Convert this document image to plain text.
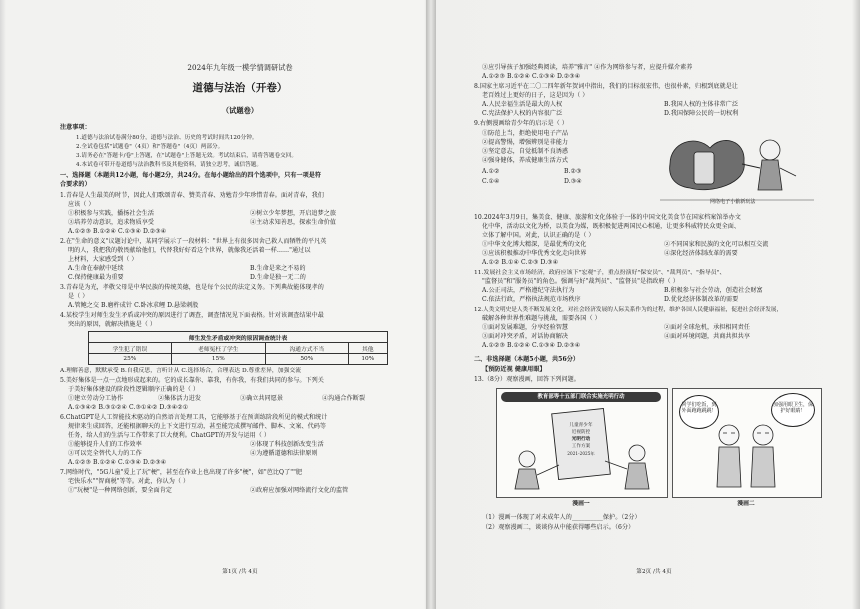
2024年九年级一模学情调研试卷
道德与法治（开卷）
（试题卷）
注意事项：
1.道德与法治试卷满分80分，道德与法治、历史的考试时间共120分钟。
2.全试卷包括"试题卷"（4页）和"答题卷"（4页）两部分。
3.请务必在"答题卡/卷"上答题，在"试题卷"上答题无效。考试结束后，请将答题卷交回。
4.本试卷可带开卷道德与法治教科书及其他资料，请独立思考，诚信答题。
一、选择题（本题共12小题，每小题2分，共24分。在每小题给出的四个选项中，只有一项是符
合要求的）
1.青春是人生最美的时节，因此人们歌颂青春、赞美青春、劝勉青少年珍惜青春。面对青春，我们
应该（ ）
①积极参与实践，播扬社会生活	②树立少年梦想，开启追梦之旅
③培养劳动意识，追求物质享受	④主动求知善思，探索生命价值
A.①②③ B.①②④ C.①③④ D.②③④
2.在"生命的意义"议题讨论中，某同学展示了一段材料："世界上有很多因舍己救人而牺牲的平凡英
明的人，我把我的敬畏献给他们，代替我好好看这个世界，就像我还活着一样……"通过以
上材料，大家感受到（ ）
A.生命在奉献中延续	B.生命是来之不易的
C.保持健康最为重要	D.生命是独一无二的
3.青春是为光，孝敬父母是中华民族的传统美德，也是每个公民的法定义务。下列典故能体现孝的
是（ ）
A.管鲍之交 B.磨杵成针 C.卧冰求鲤 D.悬梁刺股
4.某校学生对师生发生矛盾或冲突的原因进行了调查，调查情况见下面表格。针对该调查结果中最
突出的原因，就解决措施是（ ）
师生发生矛盾或冲突的原因调查统计表			
学生犯了错误	老师冤枉了学生	沟通方式不当	其他
25%	15%	50%	10%
A.理解善意，默默承受 B.自我反思，言听计从 C.选择场合，合理表达 D.尊重差异，加强交流
5.美好集体是一点一点地形成起来的。它的成长靠你、靠我，有你我，有我们共同的参与。下列关
于美好集体建设的阶段性逻辑顺序正确的是（ ）
①建立劳动分工协作	②集体活力迸发	③确立共同愿景	④沟通合作断裂
A.①③④② B.③①②④ C.③①④② D.③④②①
6.ChatGPT是人工智能技术驱动的自然语言处理工具，它能够基于在预训练阶段所见的模式和统计
规律来生成回答，还能根据聊天的上下文进行互动，甚至能完成撰写邮件、脚本、文案、代码等
任务，给人们的生活与工作带来了巨大便利。ChatGPT的开发与运用（ ）
①能够提升人们的工作效率	②体现了科技创新改变生活
③可以完全替代人力的工作	④为遵循道德和法律原则
A.①②③ B.①②④ C.①③④ D.②③④
7.网络时代，"5G儿童"爱上了玩"梗"，甚至在作业上也出现了许多"梗"，如"芭比Q了""肥
宅快乐水""智商税"等等。对此，你认为（ ）
①"玩梗"是一种网络创新，要全面肯定	②政府应加强对网络流行文化的监管
第1页 /共 4页
③应引导孩子加强经典阅读，培养"雅言" ④作为网络参与者，应提升媒介素养
A.①②③ B.①②④ C.①③④ D.②③④
8.国家主席习近平在二〇二四年新年贺词中指出，我们的目标很宏伟，也很朴素，归根到底就是让
老百姓过上更好的日子，这是因为（ ）
A.人民幸福生活是最大的人权	B.我国人权的主体非常广泛
C.宪法保护人权的内容很广泛	D.我国保障公民的一切权利
9.右侧漫画给青少年的启示是（ ）
①防范上当，拒绝使用电子产品
②提高警惕，增强辨别是非能力
③坚定意志，自觉抵制不良诱惑
④强身健体，养成健康生活方式
A.①②	B.②③
C.①④	D.③④
网络电子小偷新玩法
10.2024年3月9日，集美食、健康、旅游和文化体验于一体的中国文化美食节在国家档案馆举办文
化中华，活动以文化为桥，以美食为媒，既积极促进两国民心相通，让更多科威特民众更全面、
立体了解中国。对此，认识正确的是（ ）
①中华文化博大精深，是最优秀的文化	②不同国家和民族的文化可以相互交流
③应该积极推动中华优秀文化走向世界	④深化经济体制改革的需要
A.①② B.①④ C.②③ D.③④
11.发展社会主义市场经济，政府应该下"宏观"子，重点扮演好"保安员"、"裁判员"、"指导员"、
"监督员"和"服务员"的角色。强调与好"裁判员"、"监督员"是指政府（ ）
A.公正司法，严格遵纪守法执行为	B.积极参与社会劳动，创造社会财富
C.依法行政，严格执法规范市场秩序	D.优化经济体制改革的需要
12.人类文明史是人类不断发展文化，对社会经济发展的人际关系作为的过程，维护各国人民健康福祉，促进社会经济发展，
破解各种世界性难题与挑战，需要各国（ ）
①面对发展难题，分享经验智慧	②面对全球危机，承担相同责任
③面对冲突矛盾，对话协商解决	④面对环境问题，共商共担共享
A.①②③ B.①②④ C.①③④ D.②③④
二、非选择题（本题5小题，共56分）
【预防近视 健康用眼】
13.（8分）观察漫画，回答下列问题。
教育部等十五部门联合实施光明行动
儿童青少年
近视防控
光明行动
工作方案
2021-2025年
漫画一
同学们吃饭，到外面跑跑跳跳！
加强用眼卫生，保护好眼睛！
漫画二
（1）漫画一体现了对未成年人的__________保护。（2分）
（2）观察漫画二，谈谈你从中能获得哪些启示。（6分）
第2页 /共 4页
